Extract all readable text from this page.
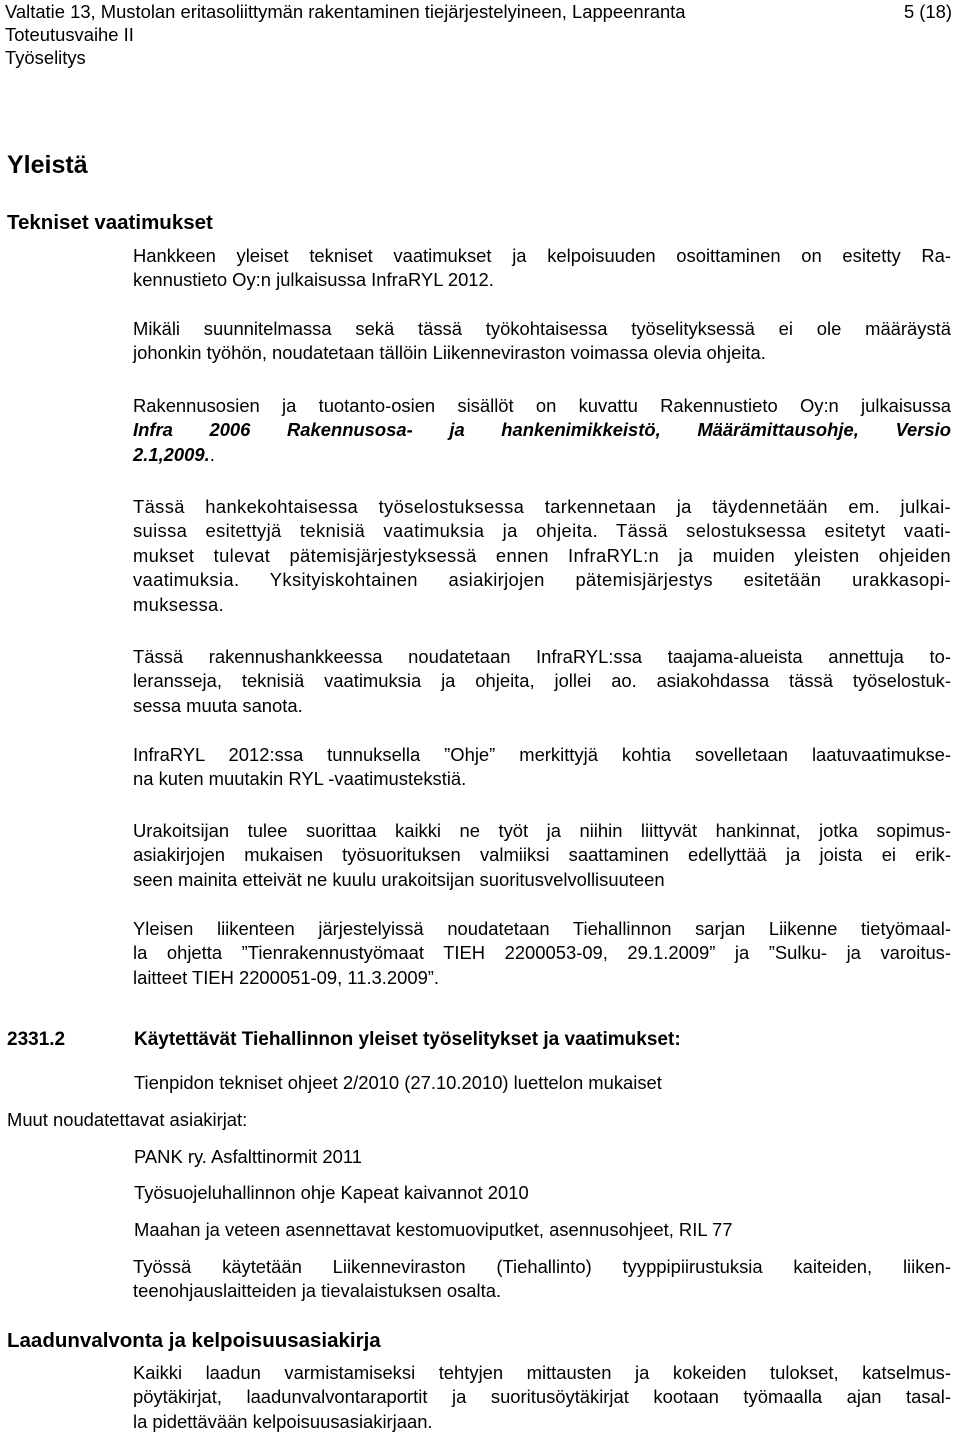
Valtatie 13, Mustolan eritasoliittymän rakentaminen tiejärjestelyineen, Lappeenranta	5 (18)
Toteutusvaihe II
Työselitys
Yleistä
Tekniset vaatimukset
Hankkeen yleiset tekniset vaatimukset ja kelpoisuuden osoittaminen on esitetty Ra-
kennustieto Oy:n julkaisussa InfraRYL 2012.
Mikäli suunnitelmassa sekä tässä työkohtaisessa työselityksessä ei ole määräystä
johonkin työhön, noudatetaan tällöin Liikenneviraston voimassa olevia ohjeita.
Rakennusosien ja tuotanto-osien sisällöt on kuvattu Rakennustieto Oy:n julkaisussa
Infra 2006 Rakennusosa- ja hankenimikkeistö, Määrämittausohje, Versio
2.1,2009..
Tässä hankekohtaisessa työselostuksessa tarkennetaan ja täydennetään em. julkai-
suissa esitettyjä teknisiä vaatimuksia ja ohjeita. Tässä selostuksessa esitetyt vaati-
mukset tulevat pätemisjärjestyksessä ennen InfraRYL:n ja muiden yleisten ohjeiden
vaatimuksia. Yksityiskohtainen asiakirjojen pätemisjärjestys esitetään urakkasopi-
muksessa.
Tässä rakennushankkeessa noudatetaan InfraRYL:ssa taajama-alueista annettuja to-
leransseja, teknisiä vaatimuksia ja ohjeita, jollei ao. asiakohdassa tässä työselostuk-
sessa muuta sanota.
InfraRYL 2012:ssa tunnuksella ”Ohje” merkittyjä kohtia sovelletaan laatuvaatimukse-
na kuten muutakin RYL -vaatimustekstiä.
Urakoitsijan tulee suorittaa kaikki ne työt ja niihin liittyvät hankinnat, jotka sopimus-
asiakirjojen mukaisen työsuorituksen valmiiksi saattaminen edellyttää ja joista ei erik-
seen mainita etteivät ne kuulu urakoitsijan suoritusvelvollisuuteen
Yleisen liikenteen järjestelyissä noudatetaan Tiehallinnon sarjan Liikenne tietyömaal-
la ohjetta ”Tienrakennustyömaat TIEH 2200053-09, 29.1.2009” ja ”Sulku- ja varoitus-
laitteet TIEH 2200051-09, 11.3.2009”.
2331.2	Käytettävät Tiehallinnon yleiset työselitykset ja vaatimukset:
Tienpidon tekniset ohjeet 2/2010 (27.10.2010) luettelon mukaiset
Muut noudatettavat asiakirjat:
PANK ry. Asfalttinormit 2011
Työsuojeluhallinnon ohje Kapeat kaivannot 2010
Maahan ja veteen asennettavat kestomuoviputket, asennusohjeet, RIL 77
Työssä käytetään Liikenneviraston (Tiehallinto) tyyppipiirustuksia kaiteiden, liiken-
teenohjauslaitteiden ja tievalaistuksen osalta.
Laadunvalvonta ja kelpoisuusasiakirja
Kaikki laadun varmistamiseksi tehtyjen mittausten ja kokeiden tulokset, katselmus-
pöytäkirjat, laadunvalvontaraportit ja suoritusöytäkirjat kootaan työmaalla ajan tasal-
la pidettävään kelpoisuusasiakirjaan.
